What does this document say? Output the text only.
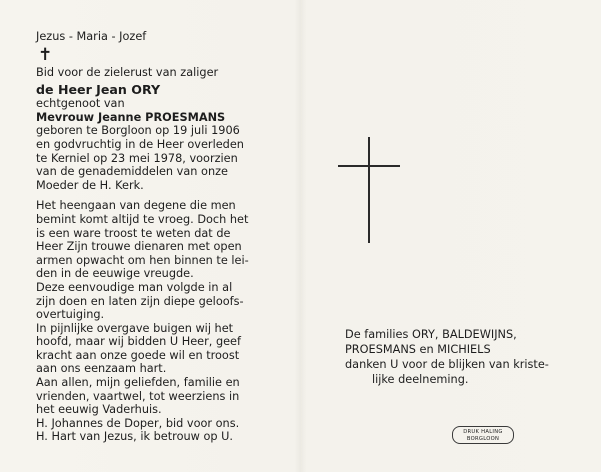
Jezus - Maria - Jozef

✝

Bid voor de zielerust van zaliger

de Heer Jean ORY

echtgenoot van

Mevrouw Jeanne PROESMANS

geboren te Borgloon op 19 juli 1906

en godvruchtig in de Heer overleden

te Kerniel op 23 mei 1978, voorzien

van de genademiddelen van onze

Moeder de H. Kerk.

Het heengaan van degene die men

bemint komt altijd te vroeg. Doch het

is een ware troost te weten dat de

Heer Zijn trouwe dienaren met open

armen opwacht om hen binnen te lei-

den in de eeuwige vreugde.

Deze eenvoudige man volgde in al

zijn doen en laten zijn diepe geloofs-

overtuiging.

In pijnlijke overgave buigen wij het

hoofd, maar wij bidden U Heer, geef

kracht aan onze goede wil en troost

aan ons eenzaam hart.

Aan allen, mijn geliefden, familie en

vrienden, vaartwel, tot weerziens in

het eeuwig Vaderhuis.

H. Johannes de Doper, bid voor ons.

H. Hart van Jezus, ik betrouw op U.

De families ORY, BALDEWIJNS,

PROESMANS en MICHIELS

danken U voor de blijken van kriste-

lijke deelneming.

DRUK HALING
BORGLOON
